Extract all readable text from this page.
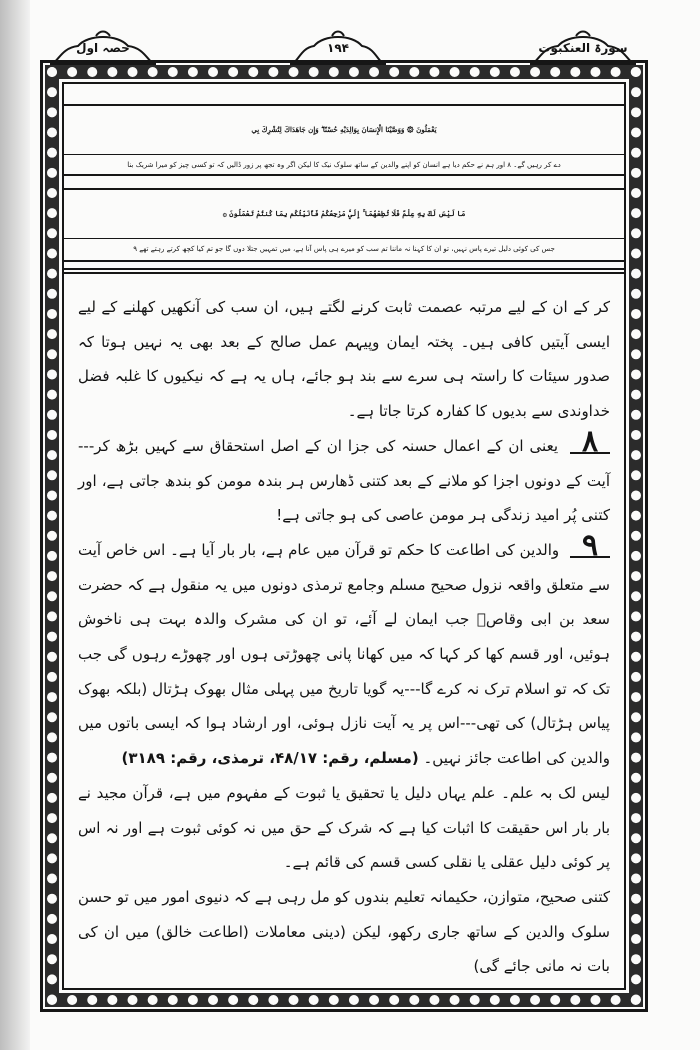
حصہ اول	۱۹۴	سورۃ العنکبوت
يَعْمَلُونَ ۞ وَوَصَّيْنَا الْإِنسَانَ بِوَالِدَيْهِ حُسْنًا ۖ وَإِن جَاهَدَاكَ لِتُشْرِكَ بِي
دے کر رہیں گے۔ ۸ اور ہم نے حکم دیا ہے انسان کو اپنے والدین کے ساتھ سلوک نیک کا لیکن اگر وہ تجھ پر زور ڈالیں کہ تو کسی چیز کو میرا شریک بنا
مَا لَيْسَ لَكَ بِهِ عِلْمٌ فَلَا تُطِعْهُمَا ۚ إِلَيَّ مَرْجِعُكُمْ فَأُنَبِّئُكُم بِمَا كُنتُمْ تَعْمَلُونَ ۞
جس کی کوئی دلیل تیرے پاس نہیں، تو ان کا کہنا نہ ماننا تم سب کو میرے ہی پاس آنا ہے، میں تمہیں جتلا دوں گا جو تم کیا کچھ کرتے رہتے تھے ۹

کر کے ان کے لیے مرتبہ عصمت ثابت کرنے لگتے ہیں، ان سب کی آنکھیں کھلنے کے لیے ایسی آیتیں کافی ہیں۔ پختہ ایمان وپیہم عمل صالح کے بعد بھی یہ نہیں ہوتا کہ صدور سیئات کا راستہ ہی سرے سے بند ہو جائے، ہاں یہ ہے کہ نیکیوں کا غلبہ فضل خداوندی سے بدیوں کا کفارہ کرتا جاتا ہے۔

۸ یعنی ان کے اعمال حسنہ کی جزا ان کے اصل استحقاق سے کہیں بڑھ کر---آیت کے دونوں اجزا کو ملانے کے بعد کتنی ڈھارس ہر بندہ مومن کو بندھ جاتی ہے، اور کتنی پُر امید زندگی ہر مومن عاصی کی ہو جاتی ہے!

۹ والدین کی اطاعت کا حکم تو قرآن میں عام ہے، بار بار آیا ہے۔ اس خاص آیت سے متعلق واقعہ نزول صحیح مسلم وجامع ترمذی دونوں میں یہ منقول ہے کہ حضرت سعد بن ابی وقاصؓ جب ایمان لے آئے، تو ان کی مشرک والدہ بہت ہی ناخوش ہوئیں، اور قسم کھا کر کہا کہ میں کھانا پانی چھوڑتی ہوں اور چھوڑے رہوں گی جب تک کہ تو اسلام ترک نہ کرے گا---یہ گویا تاریخ میں پہلی مثال بھوک ہڑتال (بلکہ بھوک پیاس ہڑتال) کی تھی---اس پر یہ آیت نازل ہوئی، اور ارشاد ہوا کہ ایسی باتوں میں والدین کی اطاعت جائز نہیں۔ (مسلم، رقم: ۴۸/۱۷، ترمذی، رقم: ۳۱۸۹)

لیس لک بہ علم۔ علم یہاں دلیل یا تحقیق یا ثبوت کے مفہوم میں ہے، قرآن مجید نے بار بار اس حقیقت کا اثبات کیا ہے کہ شرک کے حق میں نہ کوئی ثبوت ہے اور نہ اس پر کوئی دلیل عقلی یا نقلی کسی قسم کی قائم ہے۔

کتنی صحیح، متوازن، حکیمانہ تعلیم بندوں کو مل رہی ہے کہ دنیوی امور میں تو حسن سلوک والدین کے ساتھ جاری رکھو، لیکن (دینی معاملات (اطاعت خالق) میں ان کی بات نہ مانی جائے گی)
